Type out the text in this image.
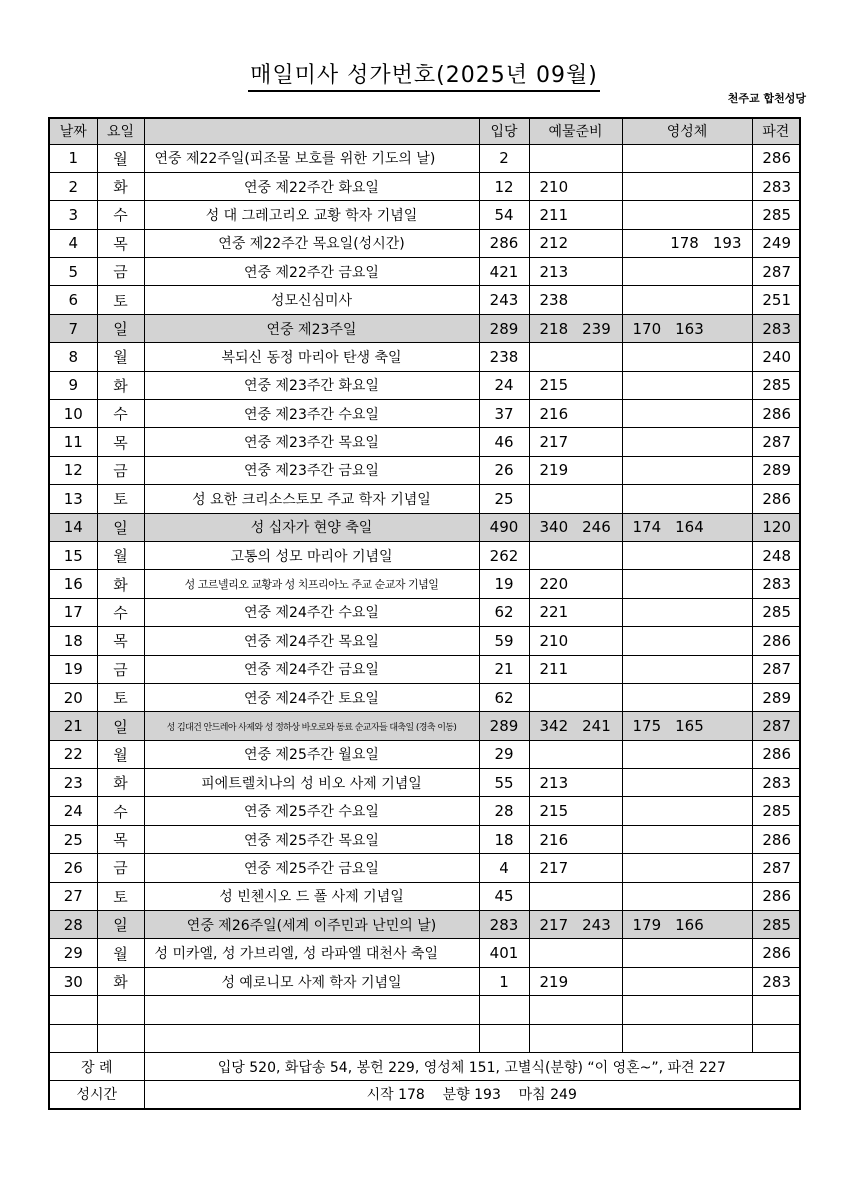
매일미사 성가번호(2025년 09월)
천주교 합천성당
날짜	요일		입당	예물준비	영성체	파견
1	월	연중 제22주일(피조물 보호를 위한 기도의 날)	2			286
2	화	연중 제22주간 화요일	12	210		283
3	수	성 대 그레고리오 교황 학자 기념일	54	211		285
4	목	연중 제22주간 목요일(성시간)	286	212	178 193	249
5	금	연중 제22주간 금요일	421	213		287
6	토	성모신심미사	243	238		251
7	일	연중 제23주일	289	218 239	170 163	283
8	월	복되신 동정 마리아 탄생 축일	238			240
9	화	연중 제23주간 화요일	24	215		285
10	수	연중 제23주간 수요일	37	216		286
11	목	연중 제23주간 목요일	46	217		287
12	금	연중 제23주간 금요일	26	219		289
13	토	성 요한 크리소스토모 주교 학자 기념일	25			286
14	일	성 십자가 현양 축일	490	340 246	174 164	120
15	월	고통의 성모 마리아 기념일	262			248
16	화	성 고르넬리오 교황과 성 치프리아노 주교 순교자 기념일	19	220		283
17	수	연중 제24주간 수요일	62	221		285
18	목	연중 제24주간 목요일	59	210		286
19	금	연중 제24주간 금요일	21	211		287
20	토	연중 제24주간 토요일	62			289
21	일	성 김대건 안드레아 사제와 성 정하상 바오로와 동료 순교자들 대축일 (경축 이동)	289	342 241	175 165	287
22	월	연중 제25주간 월요일	29			286
23	화	피에트렐치나의 성 비오 사제 기념일	55	213		283
24	수	연중 제25주간 수요일	28	215		285
25	목	연중 제25주간 목요일	18	216		286
26	금	연중 제25주간 금요일	4	217		287
27	토	성 빈첸시오 드 폴 사제 기념일	45			286
28	일	연중 제26주일(세계 이주민과 난민의 날)	283	217 243	179 166	285
29	월	성 미카엘, 성 가브리엘, 성 라파엘 대천사 축일	401			286
30	화	성 예로니모 사제 학자 기념일	1	219		283

장 례		입당 520, 화답송 54, 봉헌 229, 영성체 151, 고별식(분향) “이 영혼~”, 파견 227				
성시간		시작 178    분향 193    마침 249				
